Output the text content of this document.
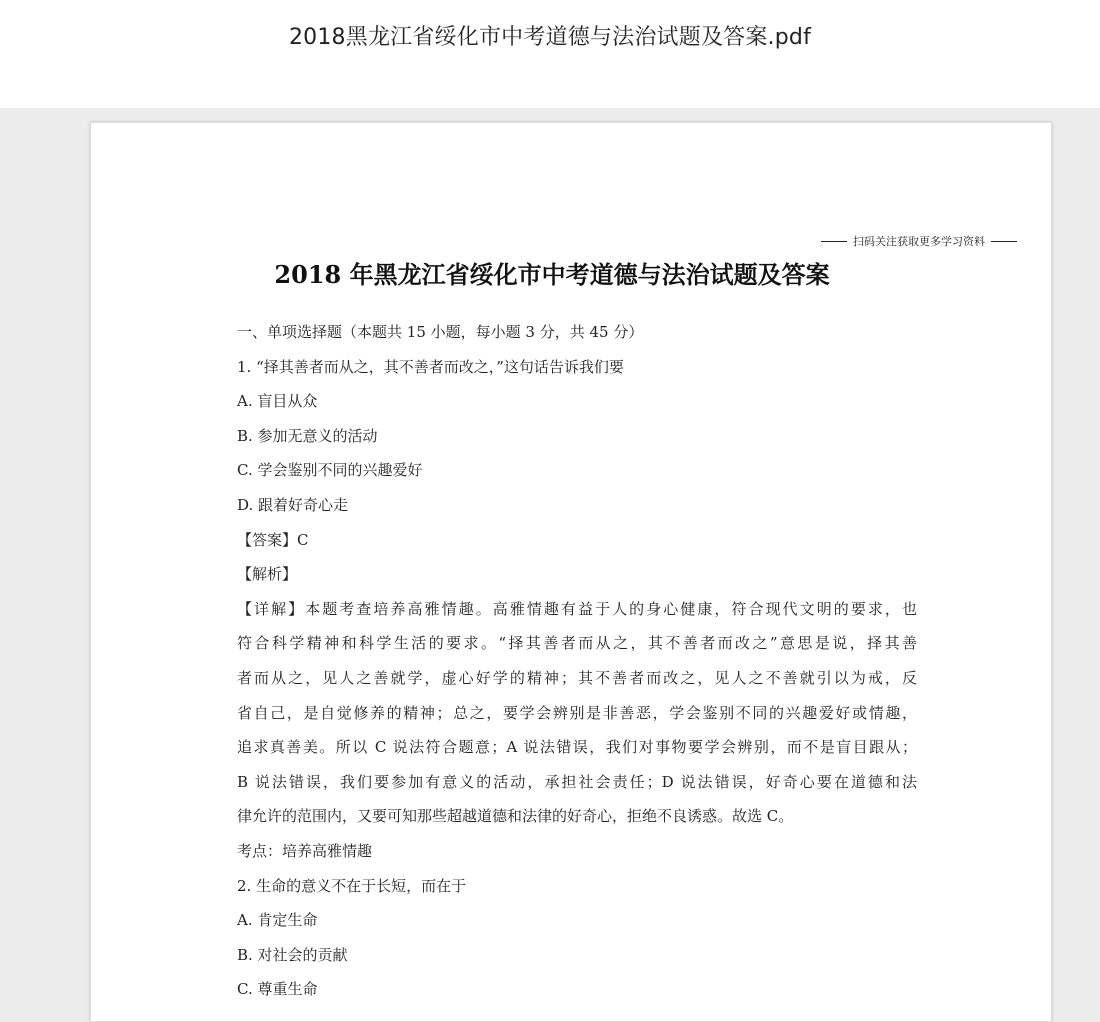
2018黑龙江省绥化市中考道德与法治试题及答案.pdf
扫码关注获取更多学习资料
2018 年黑龙江省绥化市中考道德与法治试题及答案
一、单项选择题（本题共 15 小题，每小题 3 分，共 45 分）
1. “择其善者而从之，其不善者而改之，”这句话告诉我们要
A. 盲目从众
B. 参加无意义的活动
C. 学会鉴别不同的兴趣爱好
D. 跟着好奇心走
【答案】C
【解析】
【详解】本题考查培养高雅情趣。高雅情趣有益于人的身心健康，符合现代文明的要求，也
符合科学精神和科学生活的要求。“择其善者而从之，其不善者而改之”意思是说，择其善
者而从之，见人之善就学，虚心好学的精神；其不善者而改之，见人之不善就引以为戒，反
省自己，是自觉修养的精神；总之，要学会辨别是非善恶，学会鉴别不同的兴趣爱好或情趣，
追求真善美。所以 C 说法符合题意；A 说法错误，我们对事物要学会辨别，而不是盲目跟从；
B 说法错误，我们要参加有意义的活动，承担社会责任；D 说法错误，好奇心要在道德和法
律允许的范围内，又要可知那些超越道德和法律的好奇心，拒绝不良诱惑。故选 C。
考点：培养高雅情趣
2. 生命的意义不在于长短，而在于
A. 肯定生命
B. 对社会的贡献
C. 尊重生命
